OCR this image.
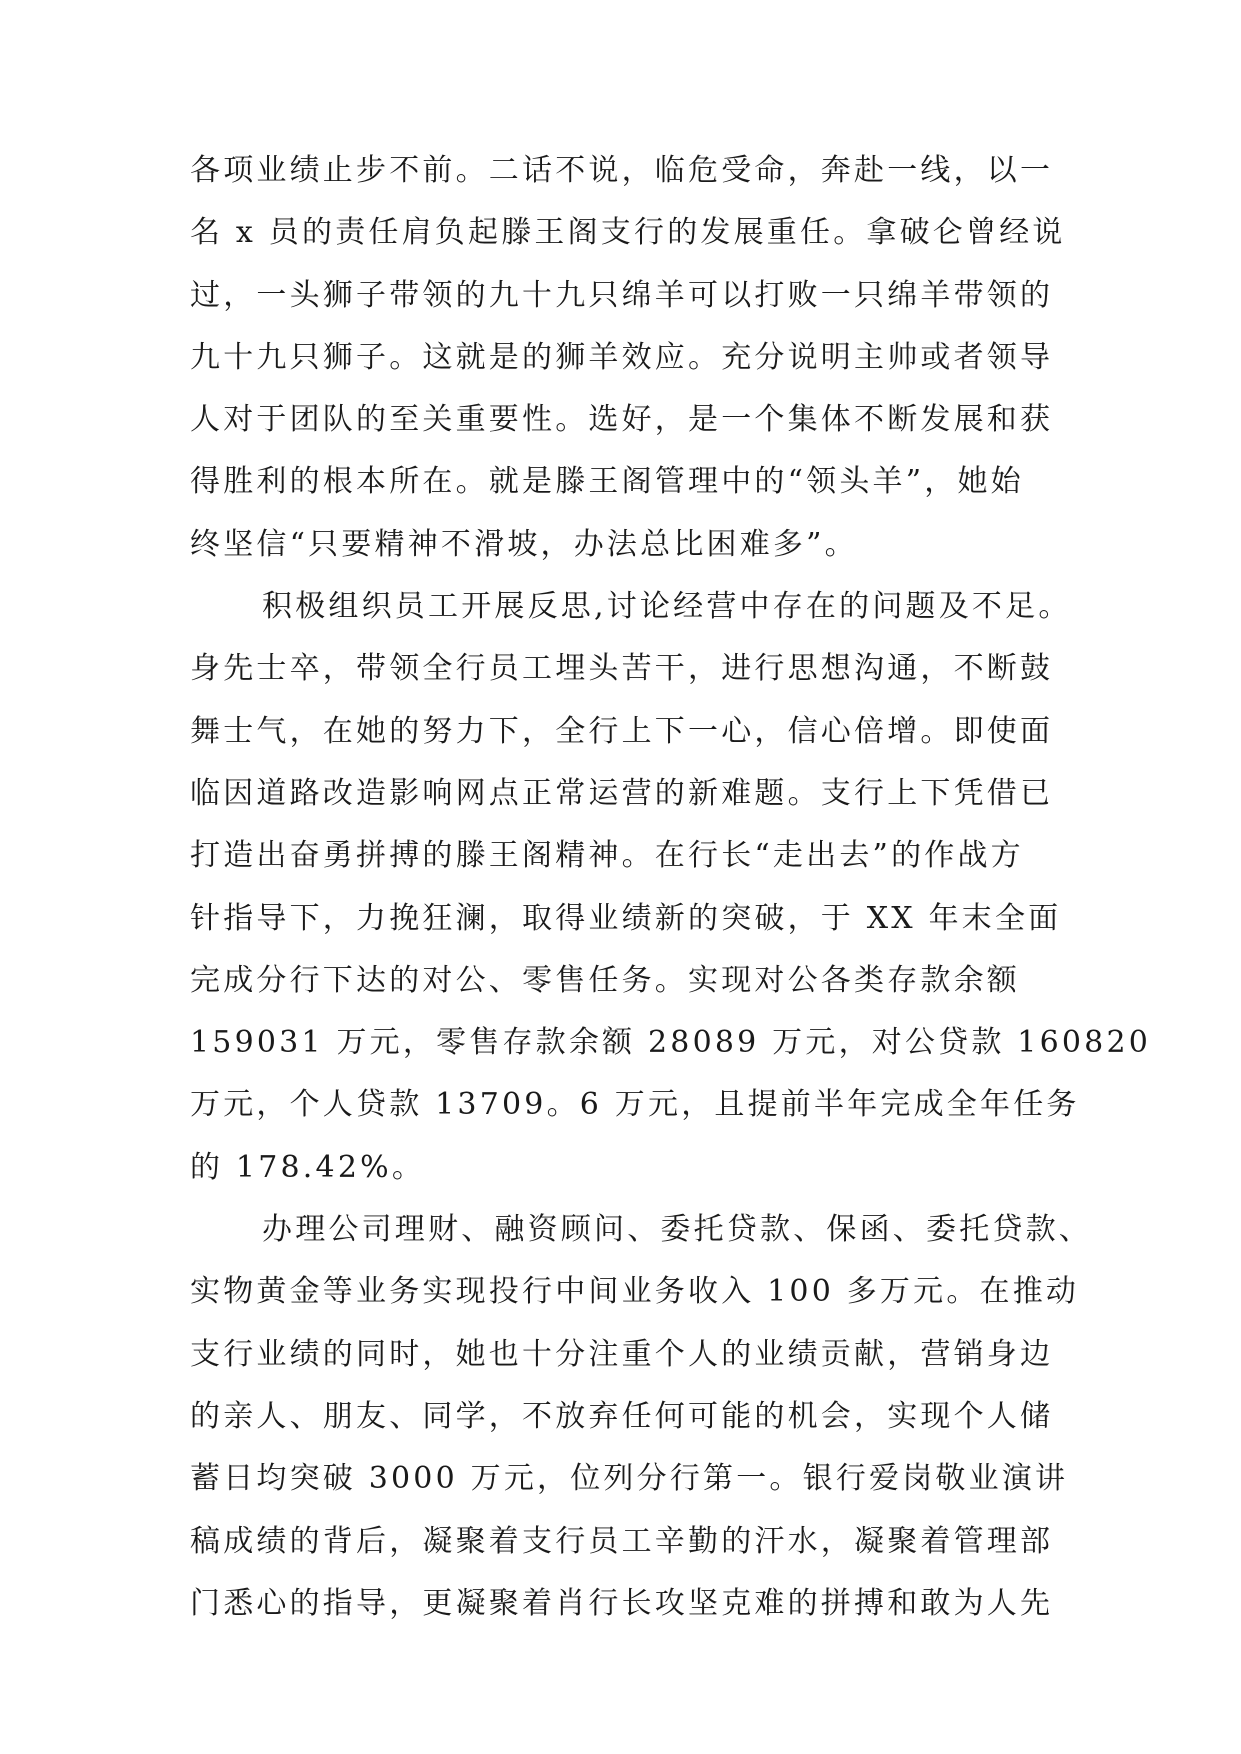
各项业绩止步不前。二话不说，临危受命，奔赴一线，以一
名 x 员的责任肩负起滕王阁支行的发展重任。拿破仑曾经说
过，一头狮子带领的九十九只绵羊可以打败一只绵羊带领的
九十九只狮子。这就是的狮羊效应。充分说明主帅或者领导
人对于团队的至关重要性。选好，是一个集体不断发展和获
得胜利的根本所在。就是滕王阁管理中的“领头羊”，她始
终坚信“只要精神不滑坡，办法总比困难多”。
积极组织员工开展反思,讨论经营中存在的问题及不足。
身先士卒，带领全行员工埋头苦干，进行思想沟通，不断鼓
舞士气，在她的努力下，全行上下一心，信心倍增。即使面
临因道路改造影响网点正常运营的新难题。支行上下凭借已
打造出奋勇拼搏的滕王阁精神。在行长“走出去”的作战方
针指导下，力挽狂澜，取得业绩新的突破，于 XX 年末全面
完成分行下达的对公、零售任务。实现对公各类存款余额
159031 万元，零售存款余额 28089 万元，对公贷款 160820
万元，个人贷款 13709。6 万元，且提前半年完成全年任务
的 178.42%。
办理公司理财、融资顾问、委托贷款、保函、委托贷款、
实物黄金等业务实现投行中间业务收入 100 多万元。在推动
支行业绩的同时，她也十分注重个人的业绩贡献，营销身边
的亲人、朋友、同学，不放弃任何可能的机会，实现个人储
蓄日均突破 3000 万元，位列分行第一。银行爱岗敬业演讲
稿成绩的背后，凝聚着支行员工辛勤的汗水，凝聚着管理部
门悉心的指导，更凝聚着肖行长攻坚克难的拼搏和敢为人先
